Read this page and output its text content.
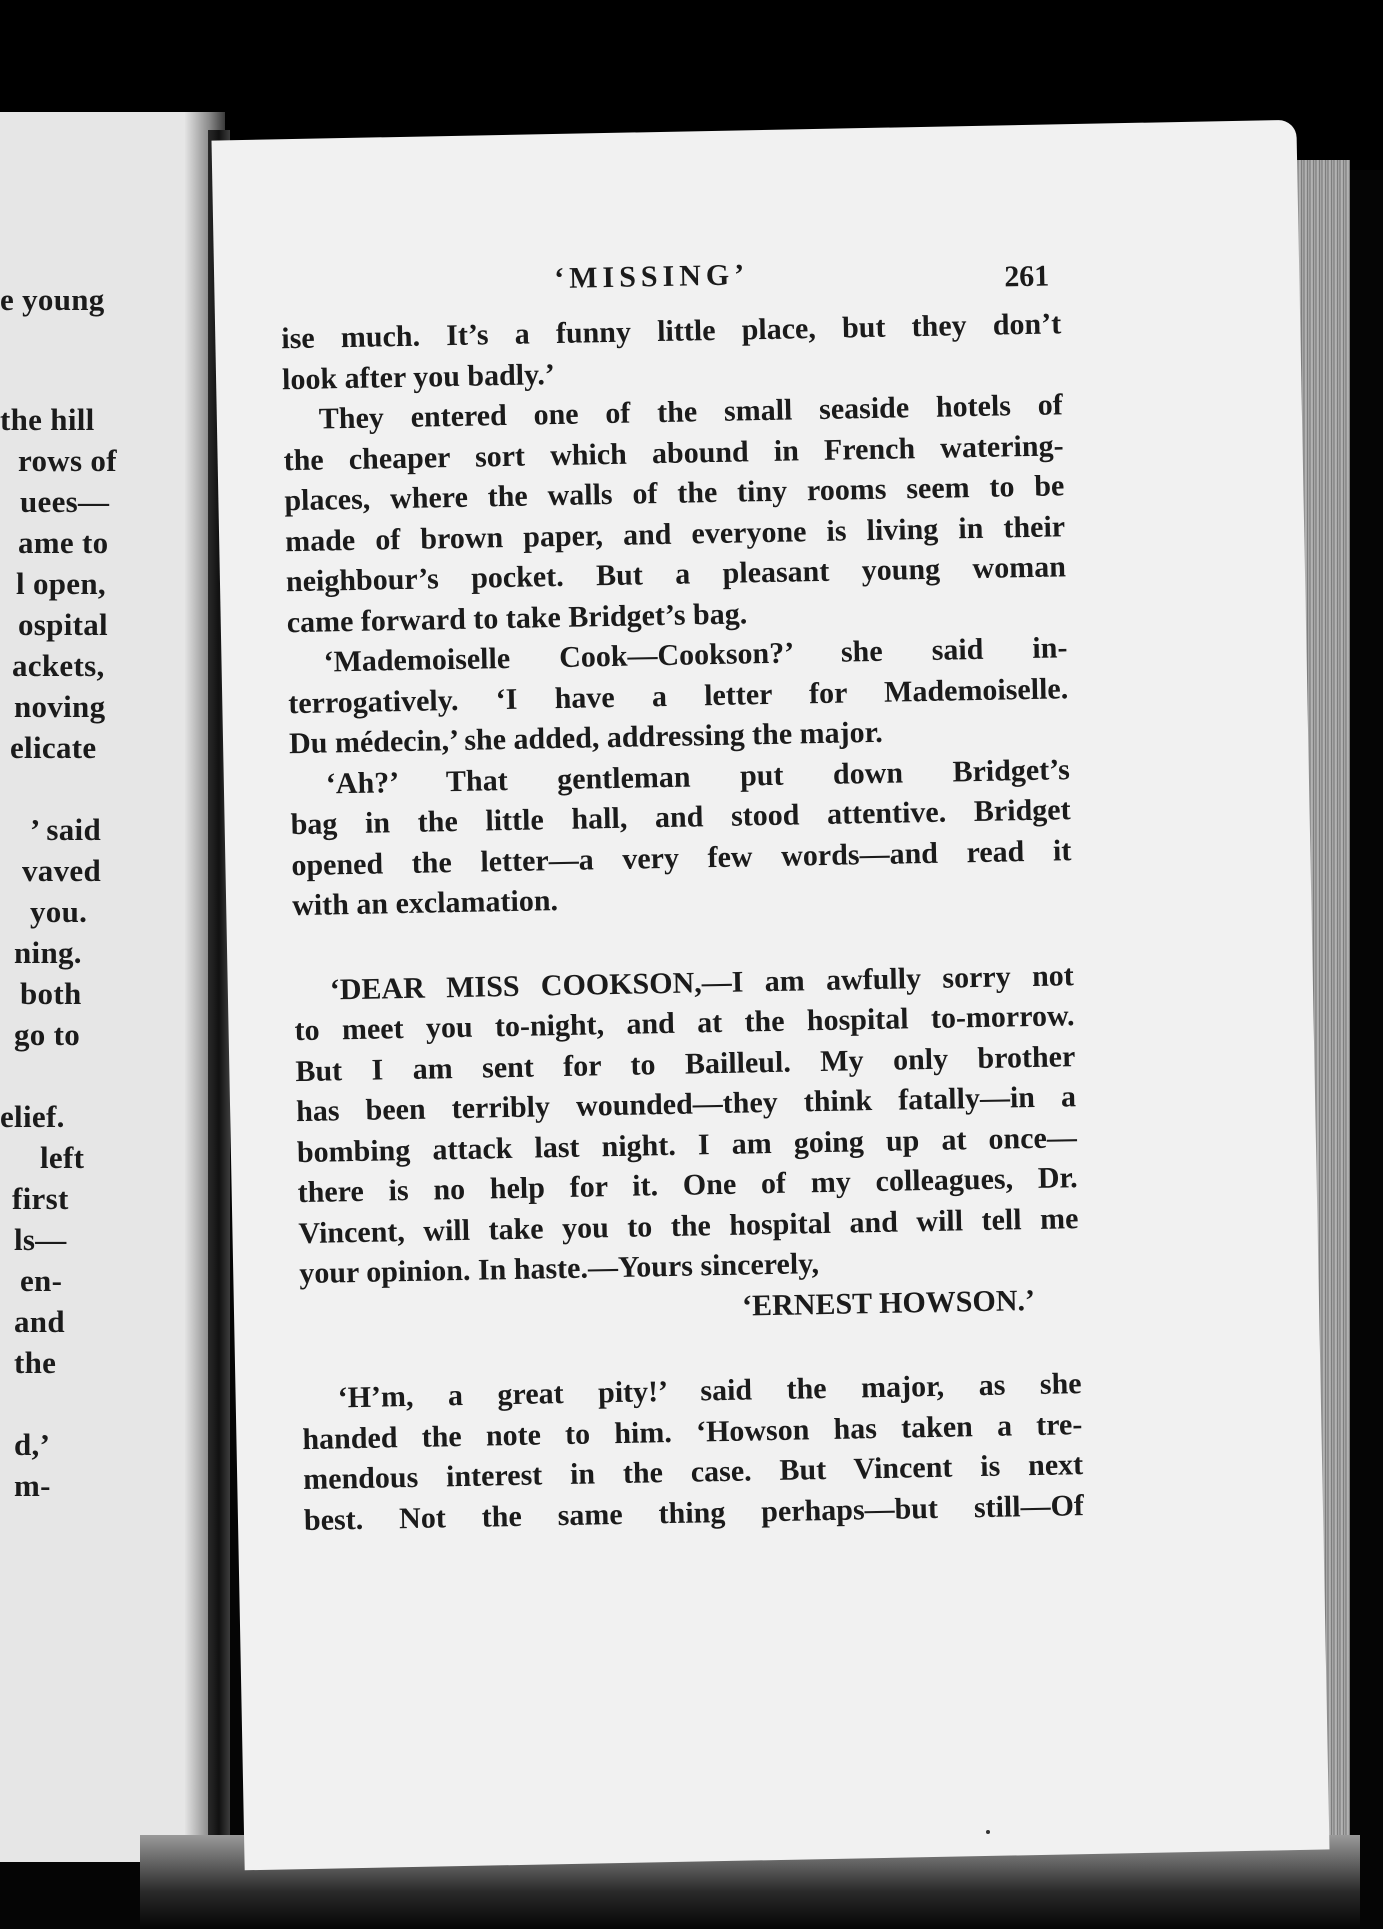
e young
the hill
rows of
uees—
ame to
l open,
ospital
ackets,
noving
elicate
’ said
vaved
you.
ning.
both
go to
elief.
left
first
ls—
en-
and
the
d,’
m-
‘MISSING’	261
ise much. It’s a funny little place, but they don’t
look after you badly.’
They entered one of the small seaside hotels of
the cheaper sort which abound in French watering-
places, where the walls of the tiny rooms seem to be
made of brown paper, and everyone is living in their
neighbour’s pocket. But a pleasant young woman
came forward to take Bridget’s bag.
‘Mademoiselle Cook—Cookson?’ she said in-
terrogatively. ‘I have a letter for Mademoiselle.
Du médecin,’ she added, addressing the major.
‘Ah?’ That gentleman put down Bridget’s
bag in the little hall, and stood attentive. Bridget
opened the letter—a very few words—and read it
with an exclamation.
‘DEAR MISS COOKSON,—I am awfully sorry not
to meet you to-night, and at the hospital to-morrow.
But I am sent for to Bailleul. My only brother
has been terribly wounded—they think fatally—in a
bombing attack last night. I am going up at once—
there is no help for it. One of my colleagues, Dr.
Vincent, will take you to the hospital and will tell me
your opinion. In haste.—Yours sincerely,
‘ERNEST HOWSON.’
‘H’m, a great pity!’ said the major, as she
handed the note to him. ‘Howson has taken a tre-
mendous interest in the case. But Vincent is next
best. Not the same thing perhaps—but still—Of
